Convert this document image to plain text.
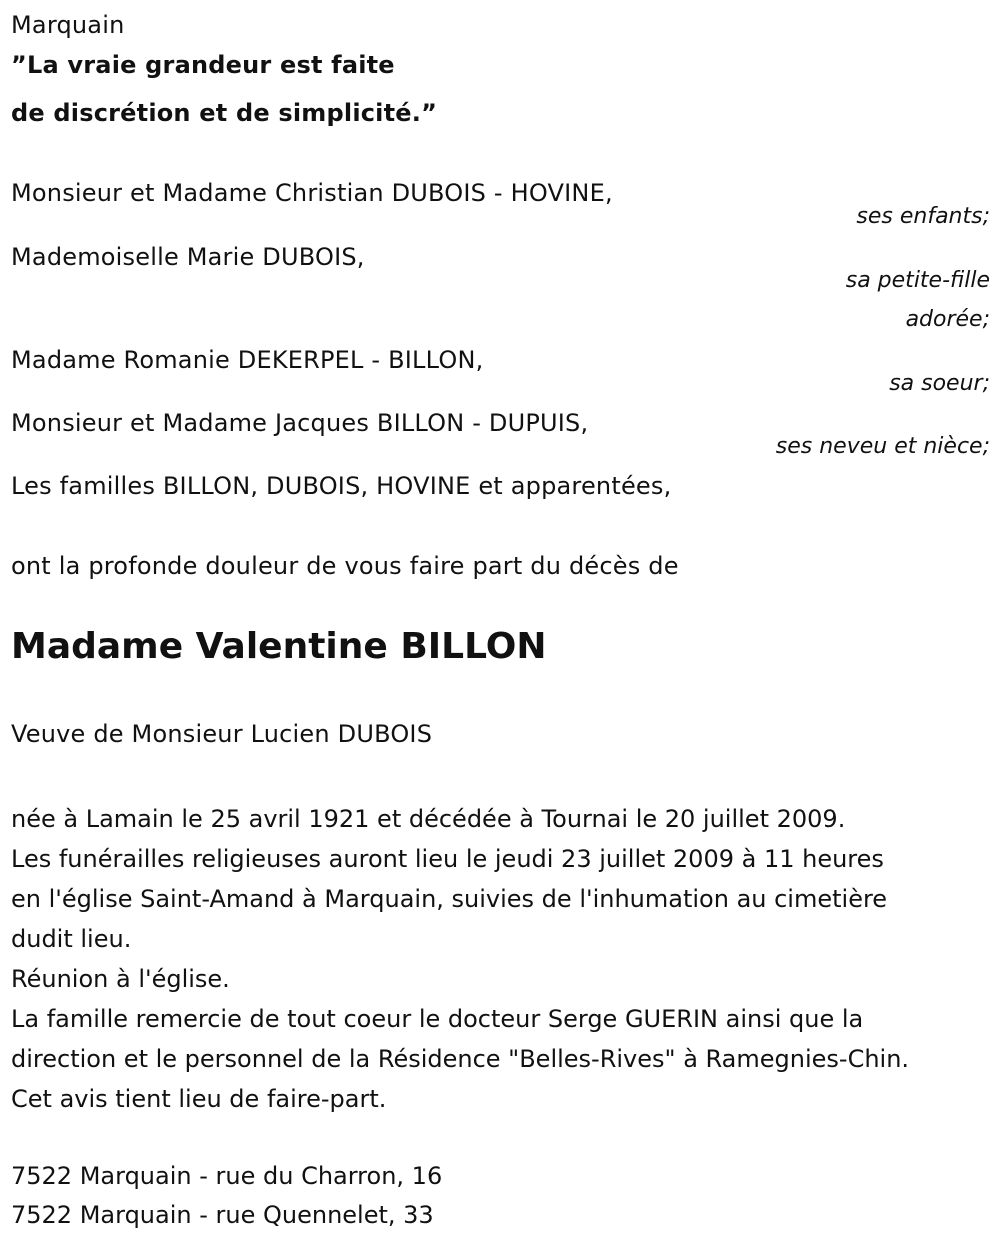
Marquain

”La vraie grandeur est faite

de discrétion et de simplicité.”

Monsieur et Madame Christian DUBOIS - HOVINE,

ses enfants;

Mademoiselle Marie DUBOIS,

sa petite-fille

adorée;

Madame Romanie DEKERPEL - BILLON,

sa soeur;

Monsieur et Madame Jacques BILLON - DUPUIS,

ses neveu et nièce;

Les familles BILLON, DUBOIS, HOVINE et apparentées,

ont la profonde douleur de vous faire part du décès de

Madame Valentine BILLON

Veuve de Monsieur Lucien DUBOIS

née à Lamain le 25 avril 1921 et décédée à Tournai le 20 juillet 2009.
Les funérailles religieuses auront lieu le jeudi 23 juillet 2009 à 11 heures
en l'église Saint-Amand à Marquain, suivies de l'inhumation au cimetière
dudit lieu.
Réunion à l'église.
La famille remercie de tout coeur le docteur Serge GUERIN ainsi que la
direction et le personnel de la Résidence "Belles-Rives" à Ramegnies-Chin.
Cet avis tient lieu de faire-part.
7522 Marquain - rue du Charron, 16
7522 Marquain - rue Quennelet, 33
